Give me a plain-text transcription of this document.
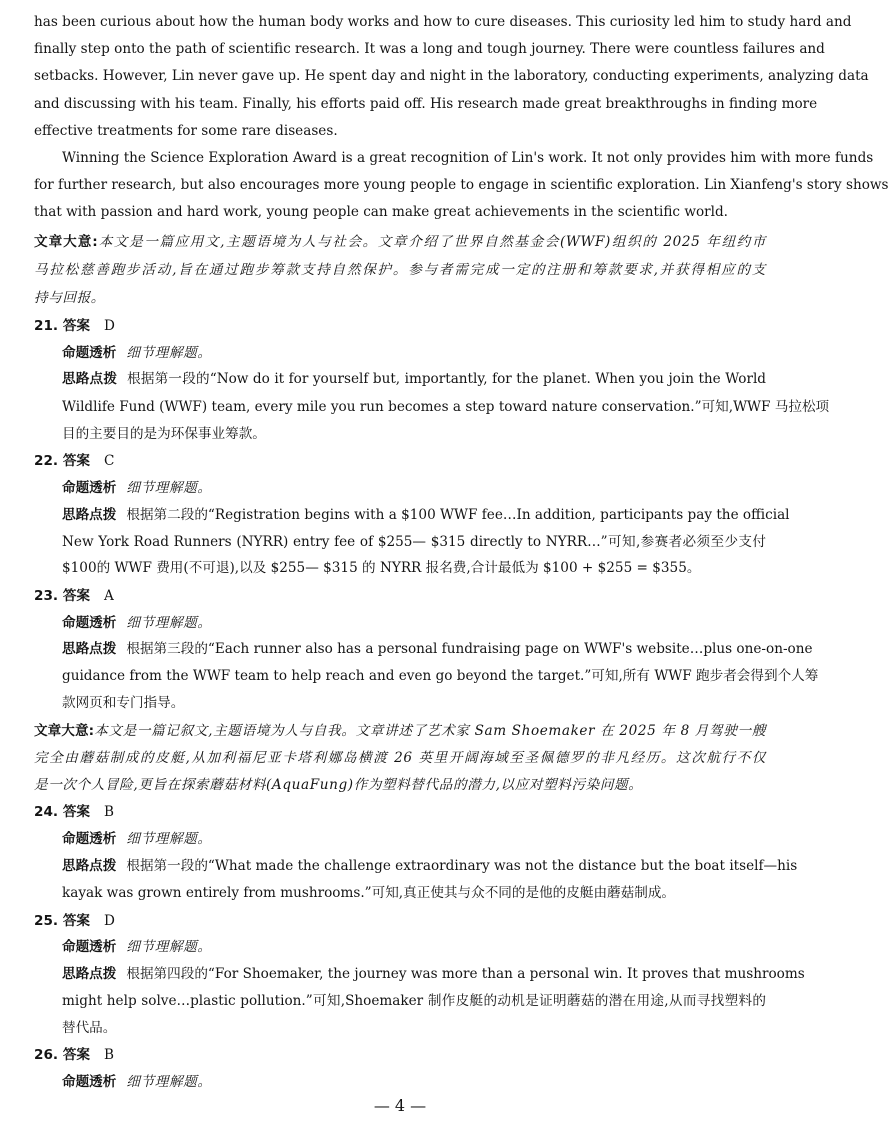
has been curious about how the human body works and how to cure diseases. This curiosity led him to study hard and
finally step onto the path of scientific research. It was a long and tough journey. There were countless failures and
setbacks. However, Lin never gave up. He spent day and night in the laboratory, conducting experiments, analyzing data
and discussing with his team. Finally, his efforts paid off. His research made great breakthroughs in finding more
effective treatments for some rare diseases.
Winning the Science Exploration Award is a great recognition of Lin's work. It not only provides him with more funds
for further research, but also encourages more young people to engage in scientific exploration. Lin Xianfeng's story shows
that with passion and hard work, young people can make great achievements in the scientific world.
文章大意:本文是一篇应用文,主题语境为人与社会。文章介绍了世界自然基金会(WWF)组织的 2025 年纽约市
马拉松慈善跑步活动,旨在通过跑步筹款支持自然保护。参与者需完成一定的注册和筹款要求,并获得相应的支
持与回报。
21. 答案 D
命题透析 细节理解题。
思路点拨 根据第一段的“Now do it for yourself but, importantly, for the planet. When you join the World
Wildlife Fund (WWF) team, every mile you run becomes a step toward nature conservation.”可知,WWF 马拉松项
目的主要目的是为环保事业筹款。
22. 答案 C
命题透析 细节理解题。
思路点拨 根据第二段的“Registration begins with a $100 WWF fee…In addition, participants pay the official
New York Road Runners (NYRR) entry fee of $255— $315 directly to NYRR…”可知,参赛者必须至少支付
$100的 WWF 费用(不可退),以及 $255— $315 的 NYRR 报名费,合计最低为 $100 + $255 = $355。
23. 答案 A
命题透析 细节理解题。
思路点拨 根据第三段的“Each runner also has a personal fundraising page on WWF's website…plus one-on-one
guidance from the WWF team to help reach and even go beyond the target.”可知,所有 WWF 跑步者会得到个人筹
款网页和专门指导。
文章大意:本文是一篇记叙文,主题语境为人与自我。文章讲述了艺术家 Sam Shoemaker 在 2025 年 8 月驾驶一艘
完全由蘑菇制成的皮艇,从加利福尼亚卡塔利娜岛横渡 26 英里开阔海域至圣佩德罗的非凡经历。这次航行不仅
是一次个人冒险,更旨在探索蘑菇材料(AquaFung)作为塑料替代品的潜力,以应对塑料污染问题。
24. 答案 B
命题透析 细节理解题。
思路点拨 根据第一段的“What made the challenge extraordinary was not the distance but the boat itself—his
kayak was grown entirely from mushrooms.”可知,真正使其与众不同的是他的皮艇由蘑菇制成。
25. 答案 D
命题透析 细节理解题。
思路点拨 根据第四段的“For Shoemaker, the journey was more than a personal win. It proves that mushrooms
might help solve…plastic pollution.”可知,Shoemaker 制作皮艇的动机是证明蘑菇的潜在用途,从而寻找塑料的
替代品。
26. 答案 B
命题透析 细节理解题。
— 4 —
